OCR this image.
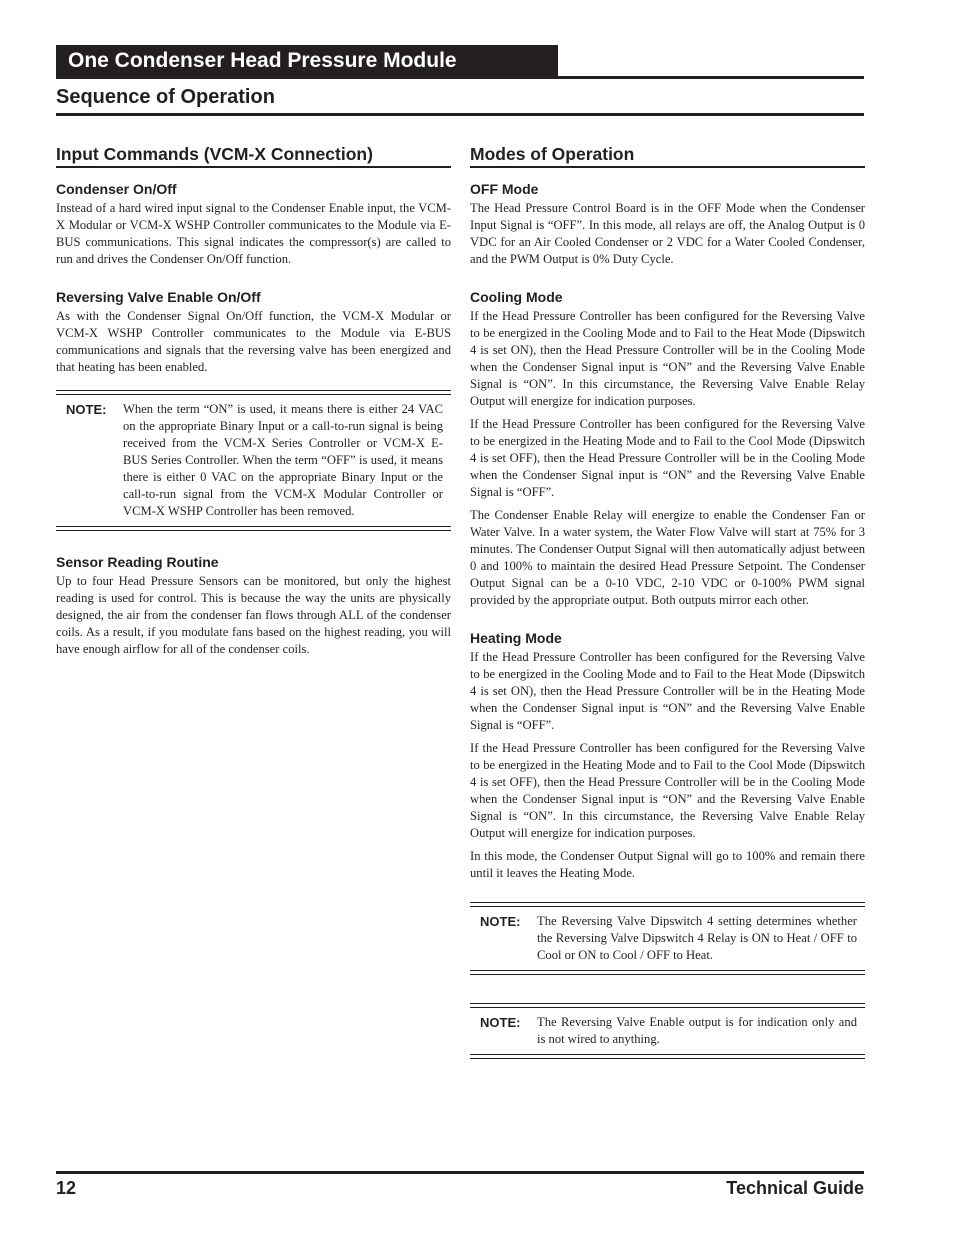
One Condenser Head Pressure Module
Sequence of Operation
Input Commands (VCM-X Connection)
Condenser On/Off

Instead of a hard wired input signal to the Condenser Enable input, the VCM-X Modular or VCM-X WSHP Controller communicates to the Module via E-BUS communications. This signal indicates the compressor(s) are called to run and drives the Condenser On/Off function.

Reversing Valve Enable On/Off

As with the Condenser Signal On/Off function, the VCM-X Modular or VCM-X WSHP Controller communicates to the Module via E-BUS communications and signals that the reversing valve has been energized and that heating has been enabled.

NOTE:	When the term “ON” is used, it means there is either 24 VAC on the appropriate Binary Input or a call-to-run signal is being received from the VCM-X Series Controller or VCM-X E-BUS Series Controller. When the term “OFF” is used, it means there is either 0 VAC on the appropriate Binary Input or the call-to-run signal from the VCM-X Modular Controller or VCM-X WSHP Controller has been removed.
Sensor Reading Routine

Up to four Head Pressure Sensors can be monitored, but only the highest reading is used for control. This is because the way the units are physically designed, the air from the condenser fan flows through ALL of the condenser coils. As a result, if you modulate fans based on the highest reading, you will have enough airflow for all of the condenser coils.

Modes of Operation
OFF Mode

The Head Pressure Control Board is in the OFF Mode when the Condenser Input Signal is “OFF”. In this mode, all relays are off, the Analog Output is 0 VDC for an Air Cooled Condenser or 2 VDC for a Water Cooled Condenser, and the PWM Output is 0% Duty Cycle.

Cooling Mode

If the Head Pressure Controller has been configured for the Reversing Valve to be energized in the Cooling Mode and to Fail to the Heat Mode (Dipswitch 4 is set ON), then the Head Pressure Controller will be in the Cooling Mode when the Condenser Signal input is “ON” and the Reversing Valve Enable Signal is “ON”. In this circumstance, the Reversing Valve Enable Relay Output will energize for indication purposes.

If the Head Pressure Controller has been configured for the Reversing Valve to be energized in the Heating Mode and to Fail to the Cool Mode (Dipswitch 4 is set OFF), then the Head Pressure Controller will be in the Cooling Mode when the Condenser Signal input is “ON” and the Reversing Valve Enable Signal is “OFF”.

The Condenser Enable Relay will energize to enable the Condenser Fan or Water Valve. In a water system, the Water Flow Valve will start at 75% for 3 minutes. The Condenser Output Signal will then automatically adjust between 0 and 100% to maintain the desired Head Pressure Setpoint. The Condenser Output Signal can be a 0-10 VDC, 2-10 VDC or 0-100% PWM signal provided by the appropriate output. Both outputs mirror each other.

Heating Mode

If the Head Pressure Controller has been configured for the Reversing Valve to be energized in the Cooling Mode and to Fail to the Heat Mode (Dipswitch 4 is set ON), then the Head Pressure Controller will be in the Heating Mode when the Condenser Signal input is “ON” and the Reversing Valve Enable Signal is “OFF”.

If the Head Pressure Controller has been configured for the Reversing Valve to be energized in the Heating Mode and to Fail to the Cool Mode (Dipswitch 4 is set OFF), then the Head Pressure Controller will be in the Cooling Mode when the Condenser Signal input is “ON” and the Reversing Valve Enable Signal is “ON”. In this circumstance, the Reversing Valve Enable Relay Output will energize for indication purposes.

In this mode, the Condenser Output Signal will go to 100% and remain there until it leaves the Heating Mode.

NOTE:	The Reversing Valve Dipswitch 4 setting determines whether the Reversing Valve Dipswitch 4 Relay is ON to Heat / OFF to Cool or ON to Cool / OFF to Heat.
NOTE:	The Reversing Valve Enable output is for indication only and is not wired to anything.
12	Technical Guide
